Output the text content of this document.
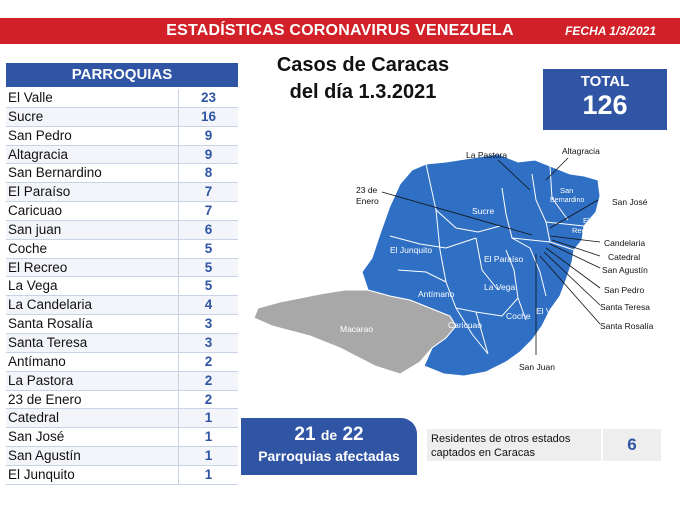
ESTADÍSTICAS CORONAVIRUS VENEZUELA	FECHA 1/3/2021
PARROQUIAS
El Valle	23
Sucre	16
San Pedro	9
Altagracia	9
San Bernardino	8
El Paraíso	7
Caricuao	7
San juan	6
Coche	5
El Recreo	5
La Vega	5
La Candelaria	4
Santa Rosalía	3
Santa Teresa	3
Antímano	2
La Pastora	2
23 de Enero	2
Catedral	1
San José	1
San Agustín	1
El Junquito	1
Casos de Caracas
del día 1.3.2021	TOTAL
126
Sucre
El Junquito
El Paraíso
Antímano
La Vega
Caricuao
Coche El Valle
Macarao
San
Bernardino
El
Recreo
La Pastora	Altagracia
23 de
Enero	San José
Candelaria
Catedral
San Agustín
San Pedro
Santa Teresa
Santa Rosalía
San Juan
21 de 22
Parroquias afectadas
Residentes de otros estados
captados en Caracas	6
